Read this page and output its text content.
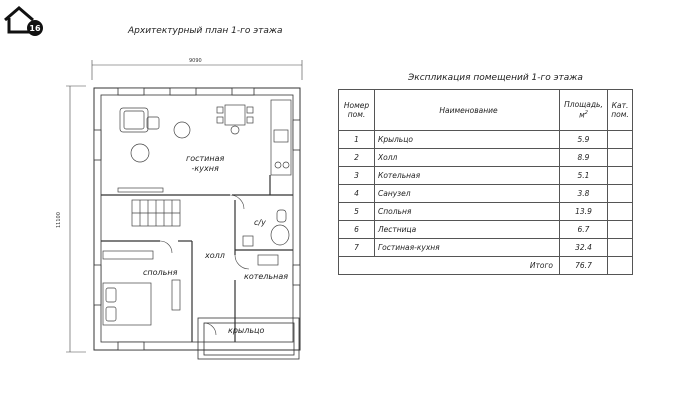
16	Архитектурный план 1-го этажа
Экспликация помещений 1-го этажа
9090
11100
гостиная
-кухня
с/у
холл
спольня	котельная
крыльцо
Номер пом.	Наименование	Площадь, $м^2$	Кат. пом.
1	Крыльцо	5.9	
2	Холл	8.9	
3	Котельная	5.1	
4	Санузел	3.8	
5	Спольня	13.9	
6	Лестница	6.7	
7	Гостиная-кухня	32.4	
Итого		76.7	
